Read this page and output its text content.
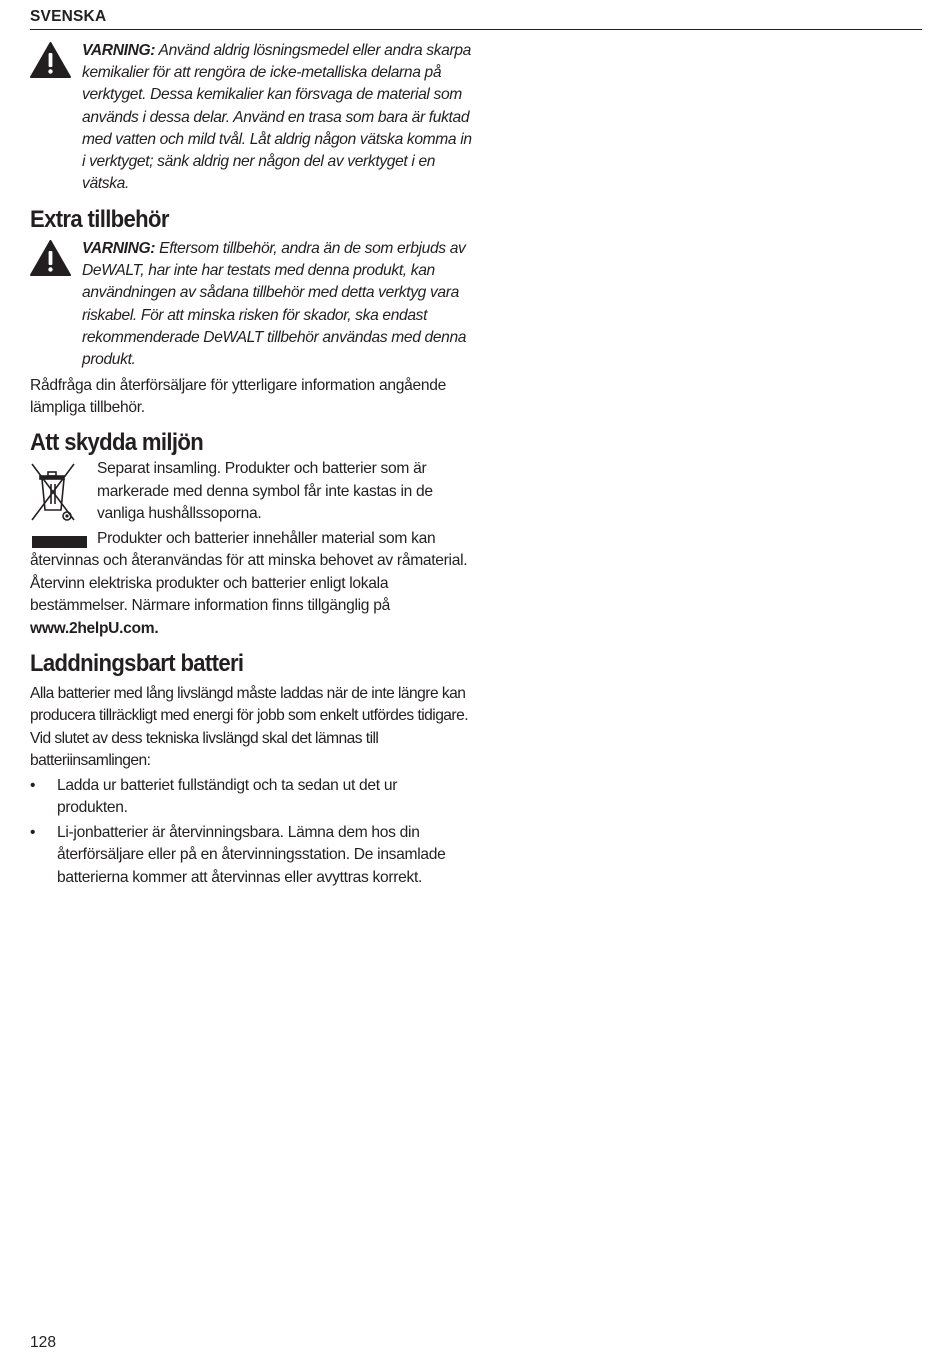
SVENSKA
VARNING: Använd aldrig lösningsmedel eller andra skarpa kemikalier för att rengöra de icke-metalliska delarna på verktyget. Dessa kemikalier kan försvaga de material som används i dessa delar. Använd en trasa som bara är fuktad med vatten och mild tvål. Låt aldrig någon vätska komma in i verktyget; sänk aldrig ner någon del av verktyget i en vätska.
Extra tillbehör
VARNING: Eftersom tillbehör, andra än de som erbjuds av DeWALT, har inte har testats med denna produkt, kan användningen av sådana tillbehör med detta verktyg vara riskabel. För att minska risken för skador, ska endast rekommenderade DeWALT tillbehör användas med denna produkt.
Rådfråga din återförsäljare för ytterligare information angående lämpliga tillbehör.
Att skydda miljön
Separat insamling. Produkter och batterier som är markerade med denna symbol får inte kastas in de vanliga hushållssoporna.
Produkter och batterier innehåller material som kan återvinnas och återanvändas för att minska behovet av råmaterial. Återvinn elektriska produkter och batterier enligt lokala bestämmelser. Närmare information finns tillgänglig på
www.2helpU.com.
Laddningsbart batteri
Alla batterier med lång livslängd måste laddas när de inte längre kan producera tillräckligt med energi för jobb som enkelt utfördes tidigare. Vid slutet av dess tekniska livslängd skal det lämnas till batteriinsamlingen:
•	Ladda ur batteriet fullständigt och ta sedan ut det ur produkten.
•	Li-jonbatterier är återvinningsbara. Lämna dem hos din återförsäljare eller på en återvinningsstation. De insamlade batterierna kommer att återvinnas eller avyttras korrekt.
128
